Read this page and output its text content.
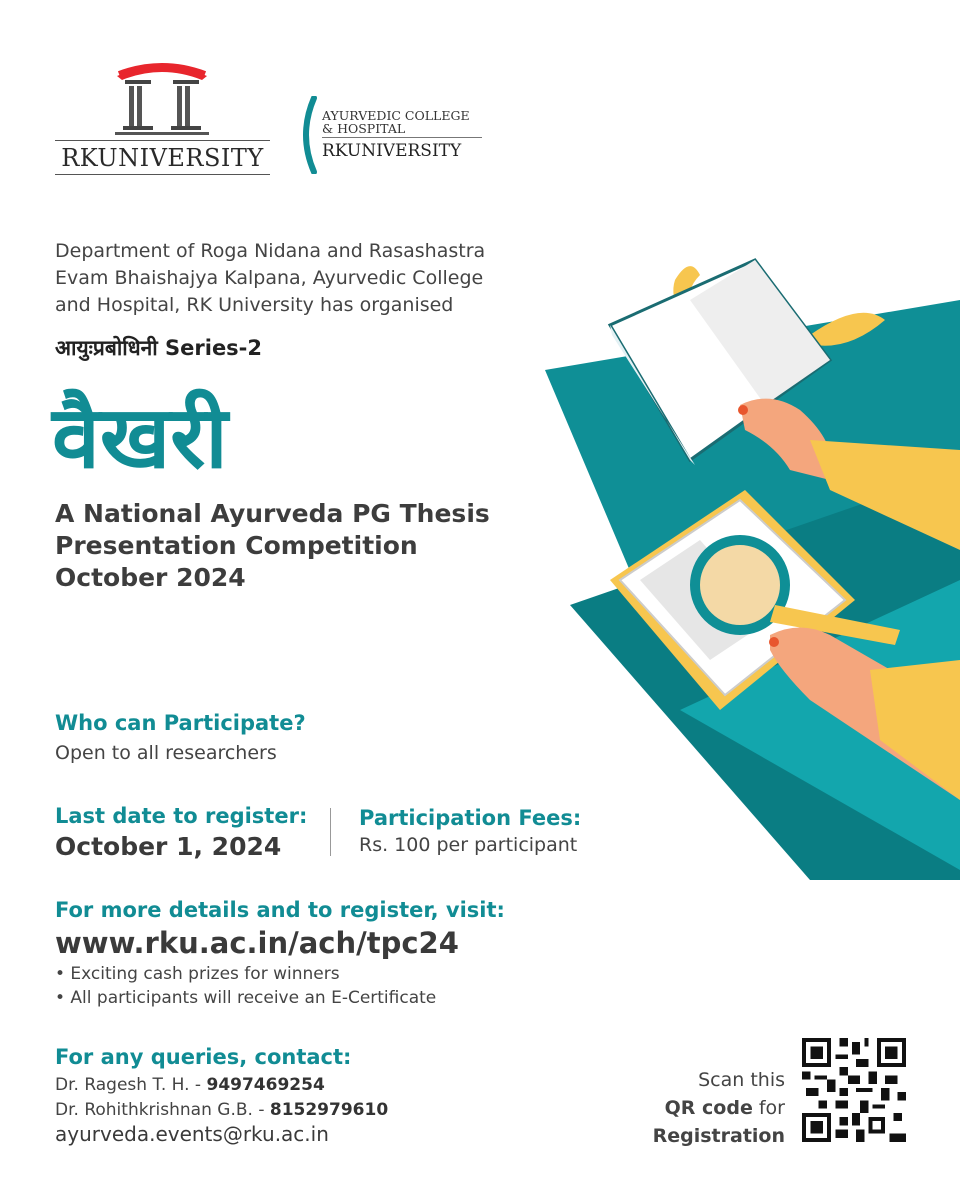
RKUNIVERSITY
AYURVEDIC COLLEGE
& HOSPITAL
RKUNIVERSITY
Department of Roga Nidana and Rasashastra
Evam Bhaishajya Kalpana, Ayurvedic College
and Hospital, RK University has organised
आयुःप्रबोधिनी Series-2
वैखरी
A National Ayurveda PG Thesis
Presentation Competition
October 2024
Who can Participate?
Open to all researchers
Last date to register:
October 1, 2024
Participation Fees:
Rs. 100 per participant
For more details and to register, visit:
www.rku.ac.in/ach/tpc24
• Exciting cash prizes for winners
• All participants will receive an E-Certificate
For any queries, contact:
Dr. Ragesh T. H. - 9497469254
Dr. Rohithkrishnan G.B. - 8152979610
ayurveda.events@rku.ac.in
Scan this
QR code for
Registration
